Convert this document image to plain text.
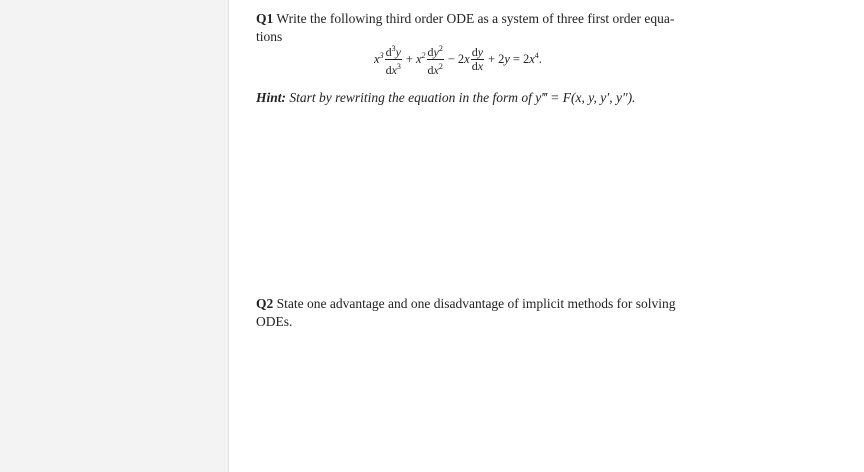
Q1 Write the following third order ODE as a system of three first order equa-
tions
$x^3 \frac{d^3y}{dx^3} + x^2 \frac{dy^2}{dx^2} - 2x \frac{dy}{dx} + 2y = 2x^4$.
Hint: Start by rewriting the equation in the form of y‴ = F(x, y, y′, y″).
Q2 State one advantage and one disadvantage of implicit methods for solving
ODEs.
